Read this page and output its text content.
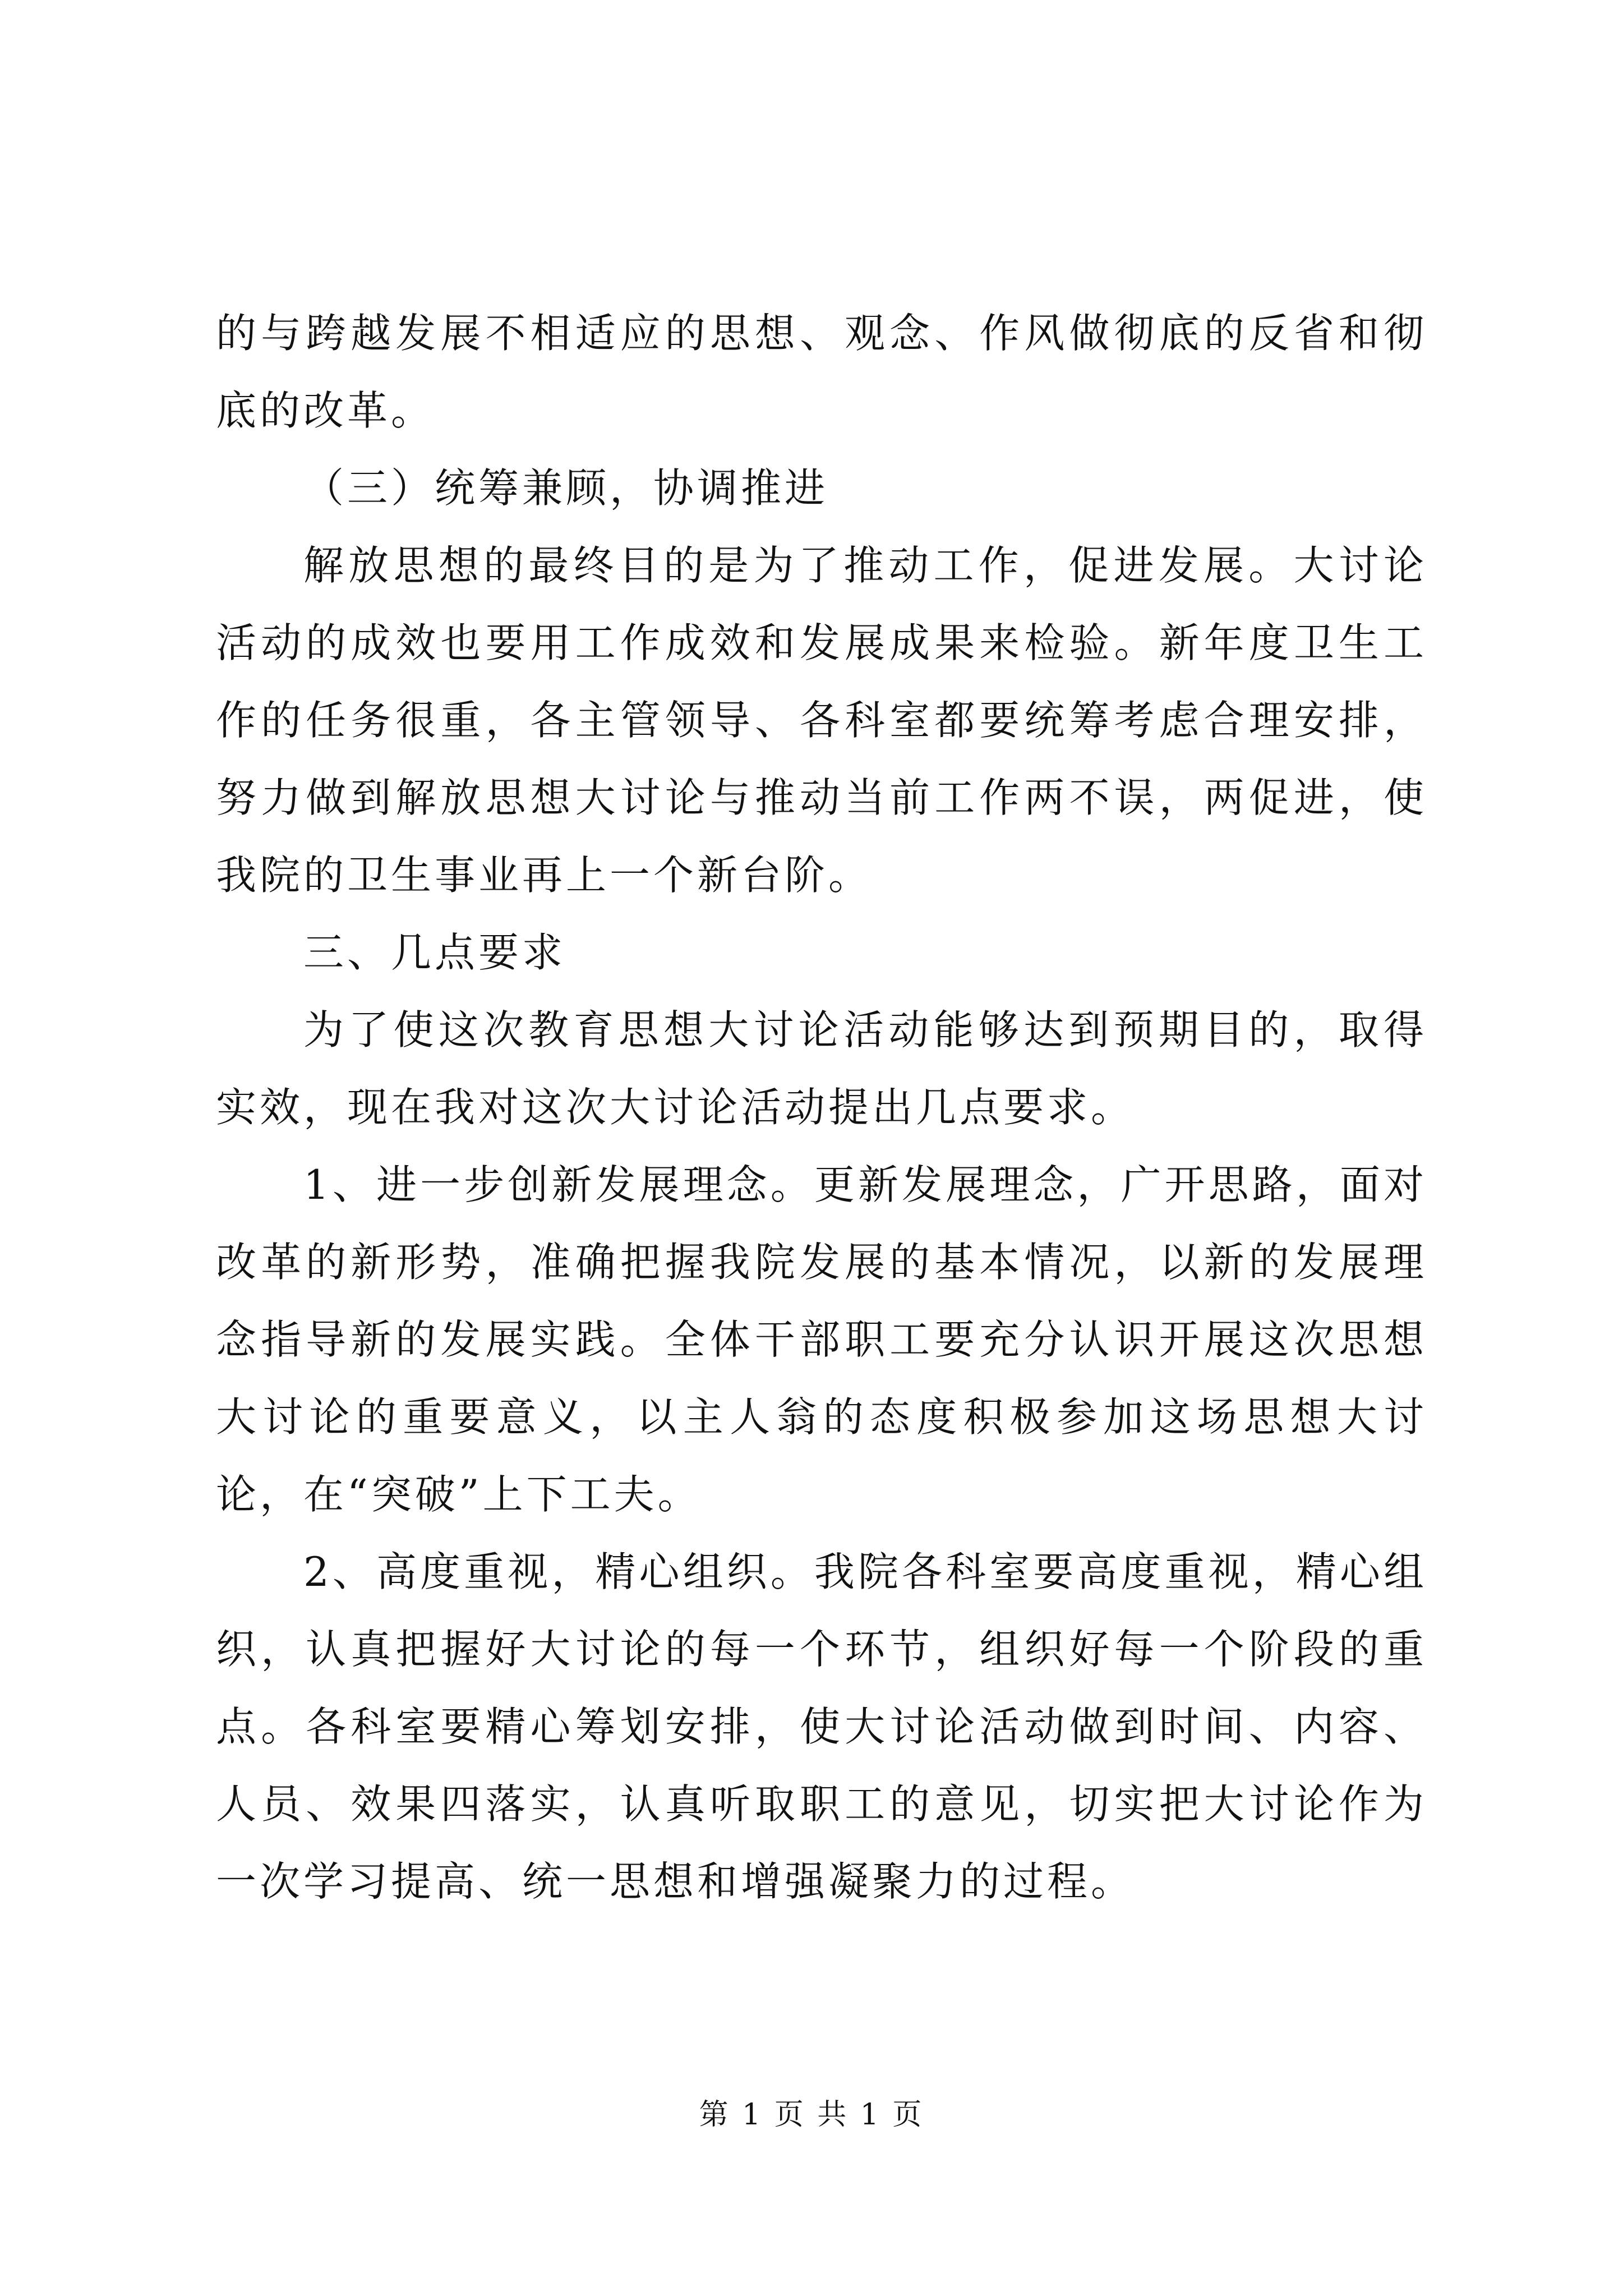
的与跨越发展不相适应的思想、观念、作风做彻底的反省和彻底的改革。

（三）统筹兼顾，协调推进

解放思想的最终目的是为了推动工作，促进发展。大讨论活动的成效也要用工作成效和发展成果来检验。新年度卫生工作的任务很重，各主管领导、各科室都要统筹考虑合理安排，努力做到解放思想大讨论与推动当前工作两不误，两促进，使我院的卫生事业再上一个新台阶。

三、几点要求

为了使这次教育思想大讨论活动能够达到预期目的，取得实效，现在我对这次大讨论活动提出几点要求。

1、进一步创新发展理念。更新发展理念，广开思路，面对改革的新形势，准确把握我院发展的基本情况，以新的发展理念指导新的发展实践。全体干部职工要充分认识开展这次思想大讨论的重要意义，以主人翁的态度积极参加这场思想大讨论，在“突破”上下工夫。

2、高度重视，精心组织。我院各科室要高度重视，精心组织，认真把握好大讨论的每一个环节，组织好每一个阶段的重点。各科室要精心筹划安排，使大讨论活动做到时间、内容、人员、效果四落实，认真听取职工的意见，切实把大讨论作为一次学习提高、统一思想和增强凝聚力的过程。

第 1 页 共 1 页
